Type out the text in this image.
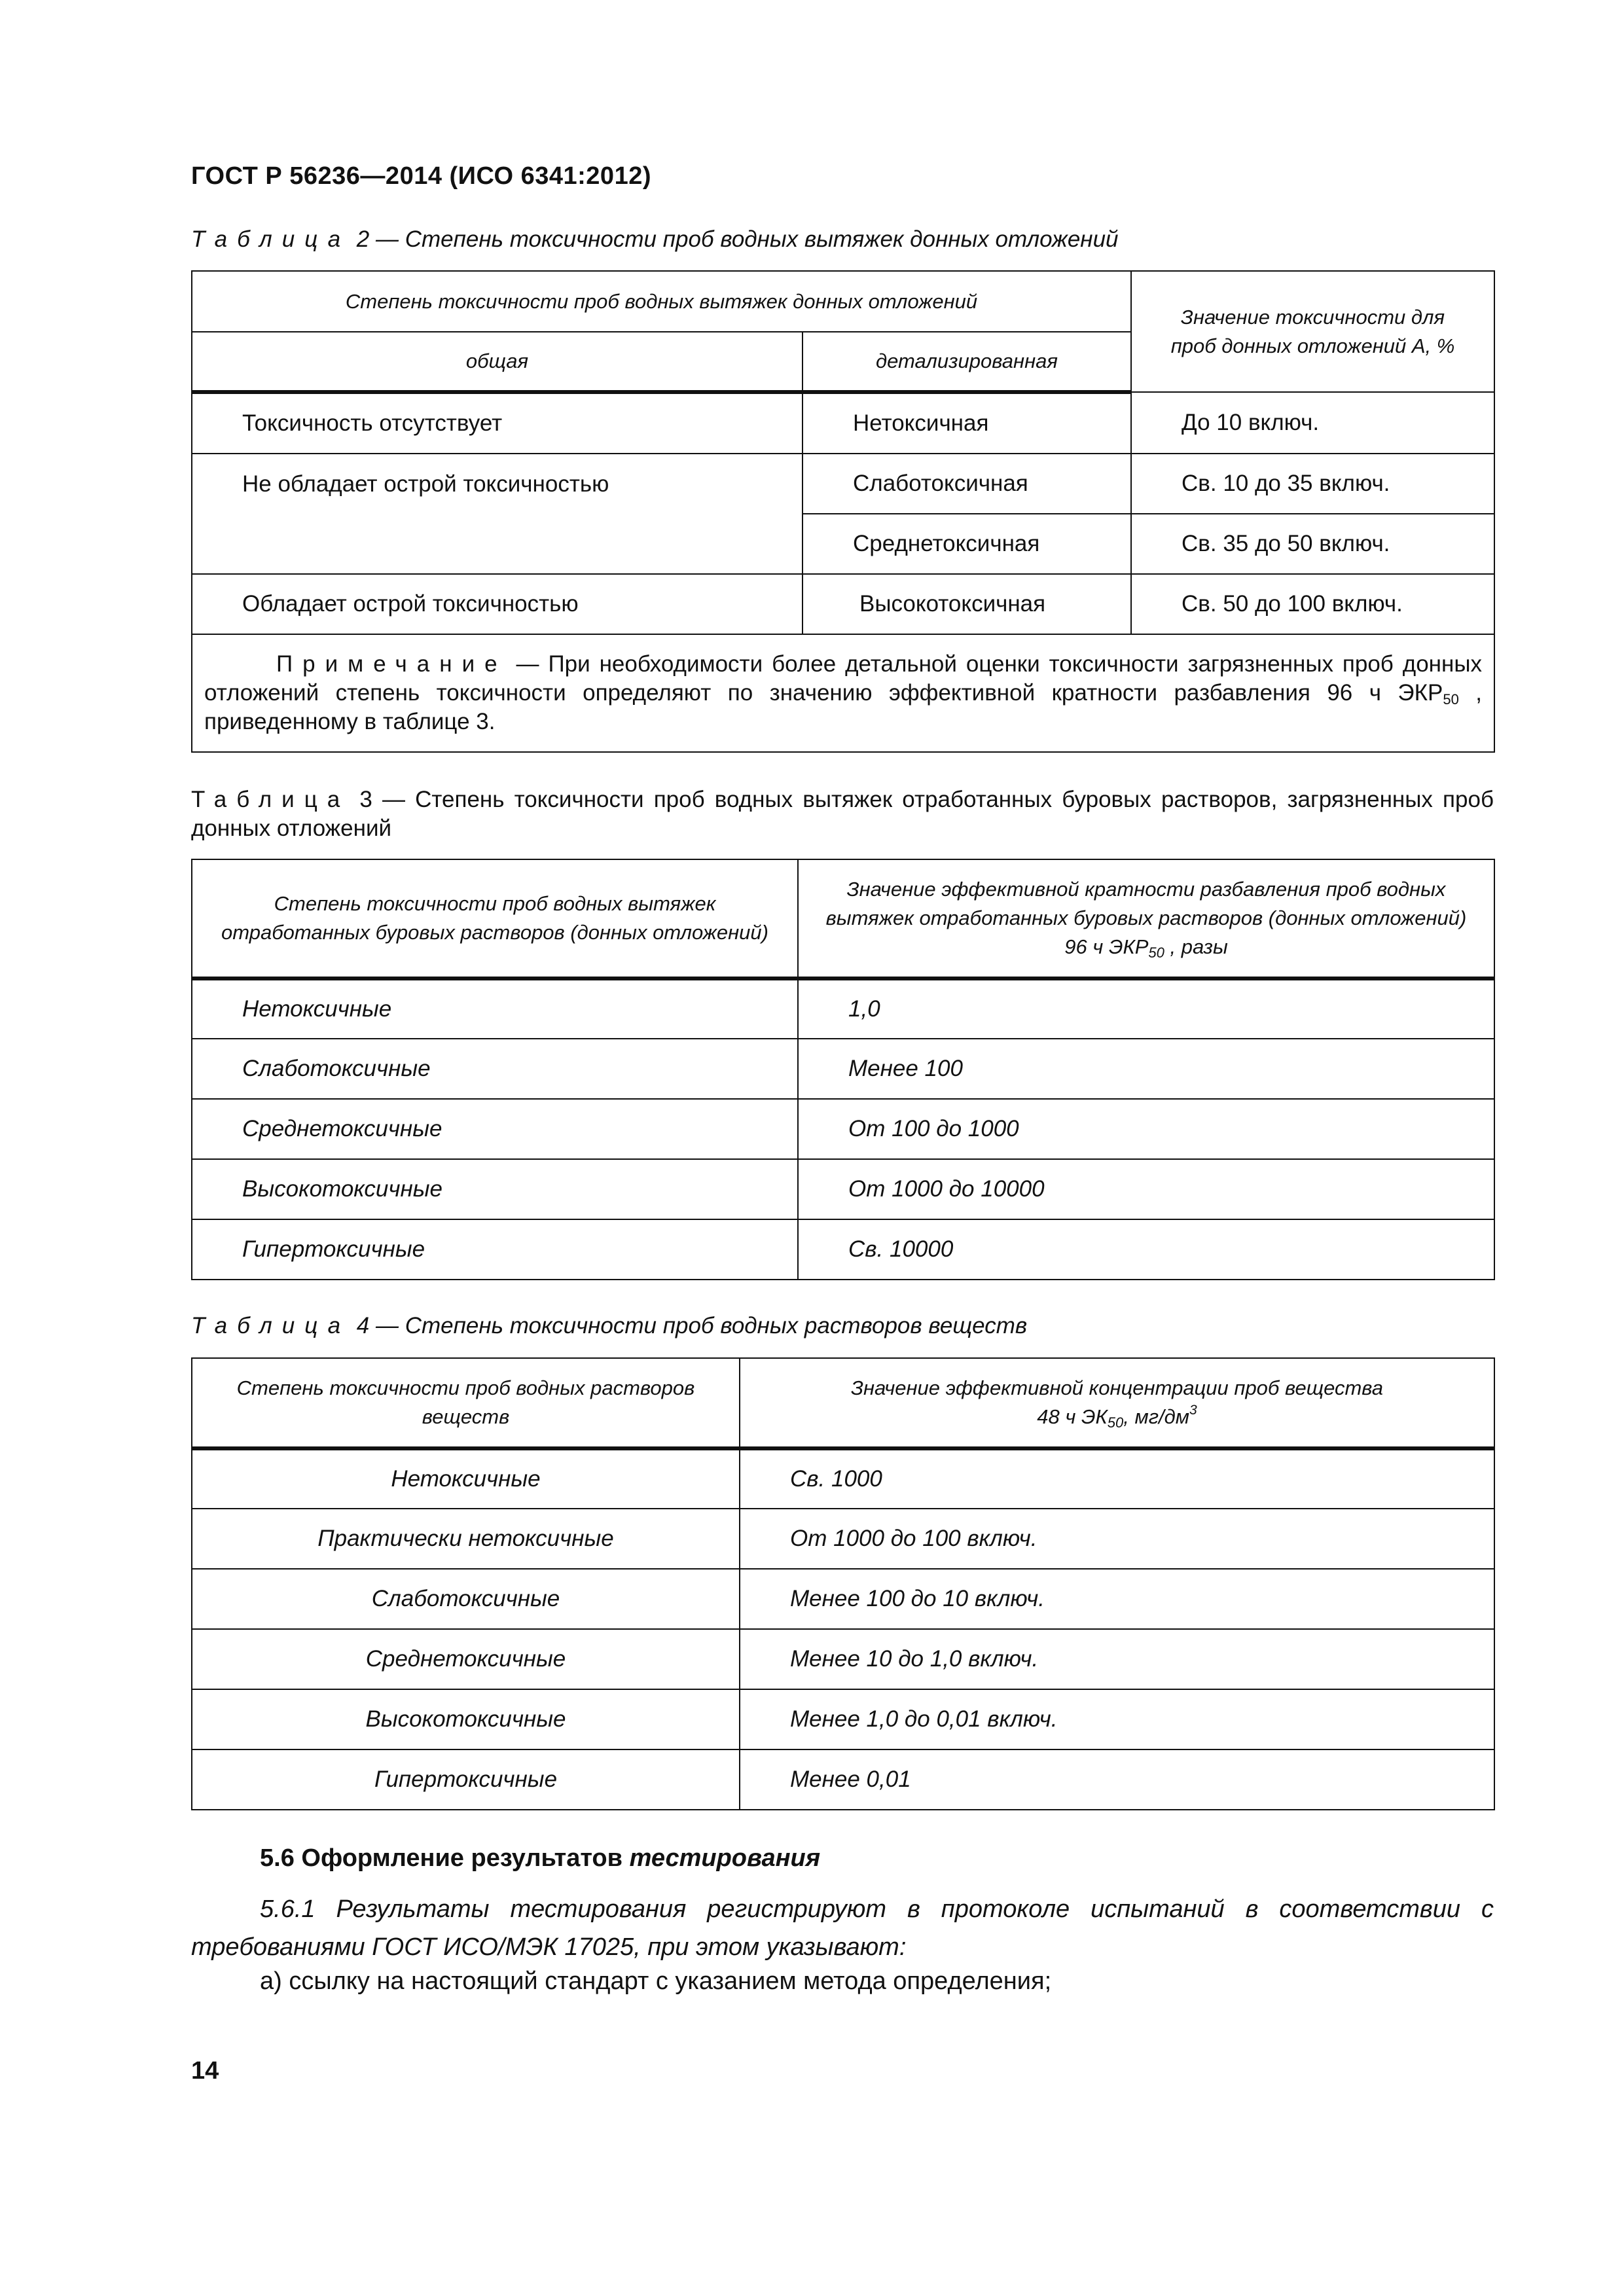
ГОСТ Р 56236—2014 (ИСО 6341:2012)
Таблица 2 — Степень токсичности проб водных вытяжек донных отложений
Степень токсичности проб водных вытяжек донных отложений		Значение токсичности для проб донных отложений А, %
общая	детализированная	
Токсичность отсутствует	Нетоксичная	До 10 включ.
Не обладает острой токсичностью	Слаботоксичная	Св. 10 до 35 включ.
	Среднетоксичная	Св. 35 до 50 включ.
Обладает острой токсичностью	Высокотоксичная	Св. 50 до 100 включ.
Примечание — При необходимости более детальной оценки токсичности загрязненных проб донных отложений степень токсичности определяют по значению эффективной кратности разбавления 96 ч $ЭКР_{50}$ , приведенному в таблице 3.		
Таблица 3 — Степень токсичности проб водных вытяжек отработанных буровых растворов, загрязненных проб донных отложений
Степень токсичности проб водных вытяжек отработанных буровых растворов (донных отложений)	Значение эффективной кратности разбавления проб водных вытяжек отработанных буровых растворов (донных отложений) 96 ч $ЭКР_{50}$ , разы
Нетоксичные	1,0
Слаботоксичные	Менее 100
Среднетоксичные	От 100 до 1000
Высокотоксичные	От 1000 до 10000
Гипертоксичные	Св. 10000
Таблица 4 — Степень токсичности проб водных растворов веществ
Степень токсичности проб водных растворов веществ	Значение эффективной концентрации проб вещества
48 ч $ЭК_{50}$, $мг/дм^3$
Нетоксичные	Св. 1000
Практически нетоксичные	От 1000 до 100 включ.
Слаботоксичные	Менее 100 до 10 включ.
Среднетоксичные	Менее 10 до 1,0 включ.
Высокотоксичные	Менее 1,0 до 0,01 включ.
Гипертоксичные	Менее 0,01
5.6 Оформление результатов тестирования
5.6.1 Результаты тестирования регистрируют в протоколе испытаний в соответствии с требованиями ГОСТ ИСО/МЭК 17025, при этом указывают:
а) ссылку на настоящий стандарт с указанием метода определения;
14
